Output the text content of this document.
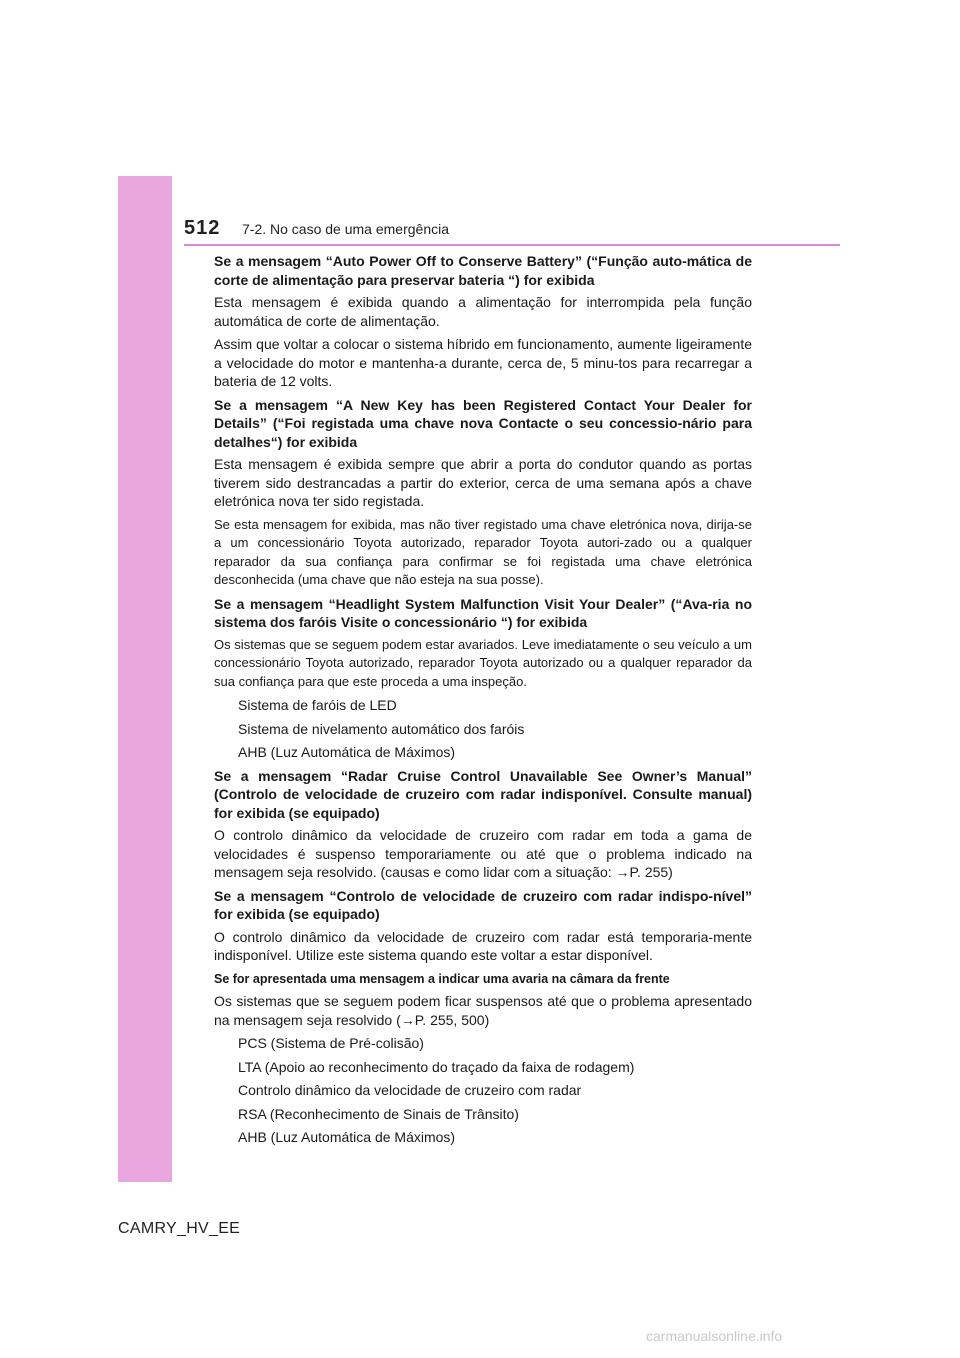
512 7-2. No caso de uma emergência

Se a mensagem “Auto Power Off to Conserve Battery” (“Função auto-mática de corte de alimentação para preservar bateria “) for exibida

Esta mensagem é exibida quando a alimentação for interrompida pela função automática de corte de alimentação.

Assim que voltar a colocar o sistema híbrido em funcionamento, aumente ligeiramente a velocidade do motor e mantenha-a durante, cerca de, 5 minu-tos para recarregar a bateria de 12 volts.

Se a mensagem “A New Key has been Registered Contact Your Dealer for Details” (“Foi registada uma chave nova Contacte o seu concessio-nário para detalhes“) for exibida

Esta mensagem é exibida sempre que abrir a porta do condutor quando as portas tiverem sido destrancadas a partir do exterior, cerca de uma semana após a chave eletrónica nova ter sido registada.

Se esta mensagem for exibida, mas não tiver registado uma chave eletrónica nova, dirija-se a um concessionário Toyota autorizado, reparador Toyota autori-zado ou a qualquer reparador da sua confiança para confirmar se foi registada uma chave eletrónica desconhecida (uma chave que não esteja na sua posse).

Se a mensagem “Headlight System Malfunction Visit Your Dealer” (“Ava-ria no sistema dos faróis Visite o concessionário “) for exibida

Os sistemas que se seguem podem estar avariados. Leve imediatamente o seu veículo a um concessionário Toyota autorizado, reparador Toyota autorizado ou a qualquer reparador da sua confiança para que este proceda a uma inspeção.

Sistema de faróis de LED
Sistema de nivelamento automático dos faróis
AHB (Luz Automática de Máximos)

Se a mensagem “Radar Cruise Control Unavailable See Owner’s Manual” (Controlo de velocidade de cruzeiro com radar indisponível. Consulte manual) for exibida (se equipado)

O controlo dinâmico da velocidade de cruzeiro com radar em toda a gama de velocidades é suspenso temporariamente ou até que o problema indicado na mensagem seja resolvido. (causas e como lidar com a situação: →P. 255)

Se a mensagem “Controlo de velocidade de cruzeiro com radar indispo-nível” for exibida (se equipado)

O controlo dinâmico da velocidade de cruzeiro com radar está temporaria-mente indisponível. Utilize este sistema quando este voltar a estar disponível.

Se for apresentada uma mensagem a indicar uma avaria na câmara da frente

Os sistemas que se seguem podem ficar suspensos até que o problema apresentado na mensagem seja resolvido (→P. 255, 500)

PCS (Sistema de Pré-colisão)
LTA (Apoio ao reconhecimento do traçado da faixa de rodagem)
Controlo dinâmico da velocidade de cruzeiro com radar
RSA (Reconhecimento de Sinais de Trânsito)
AHB (Luz Automática de Máximos)
CAMRY_HV_EE
carmanualsonline.info
